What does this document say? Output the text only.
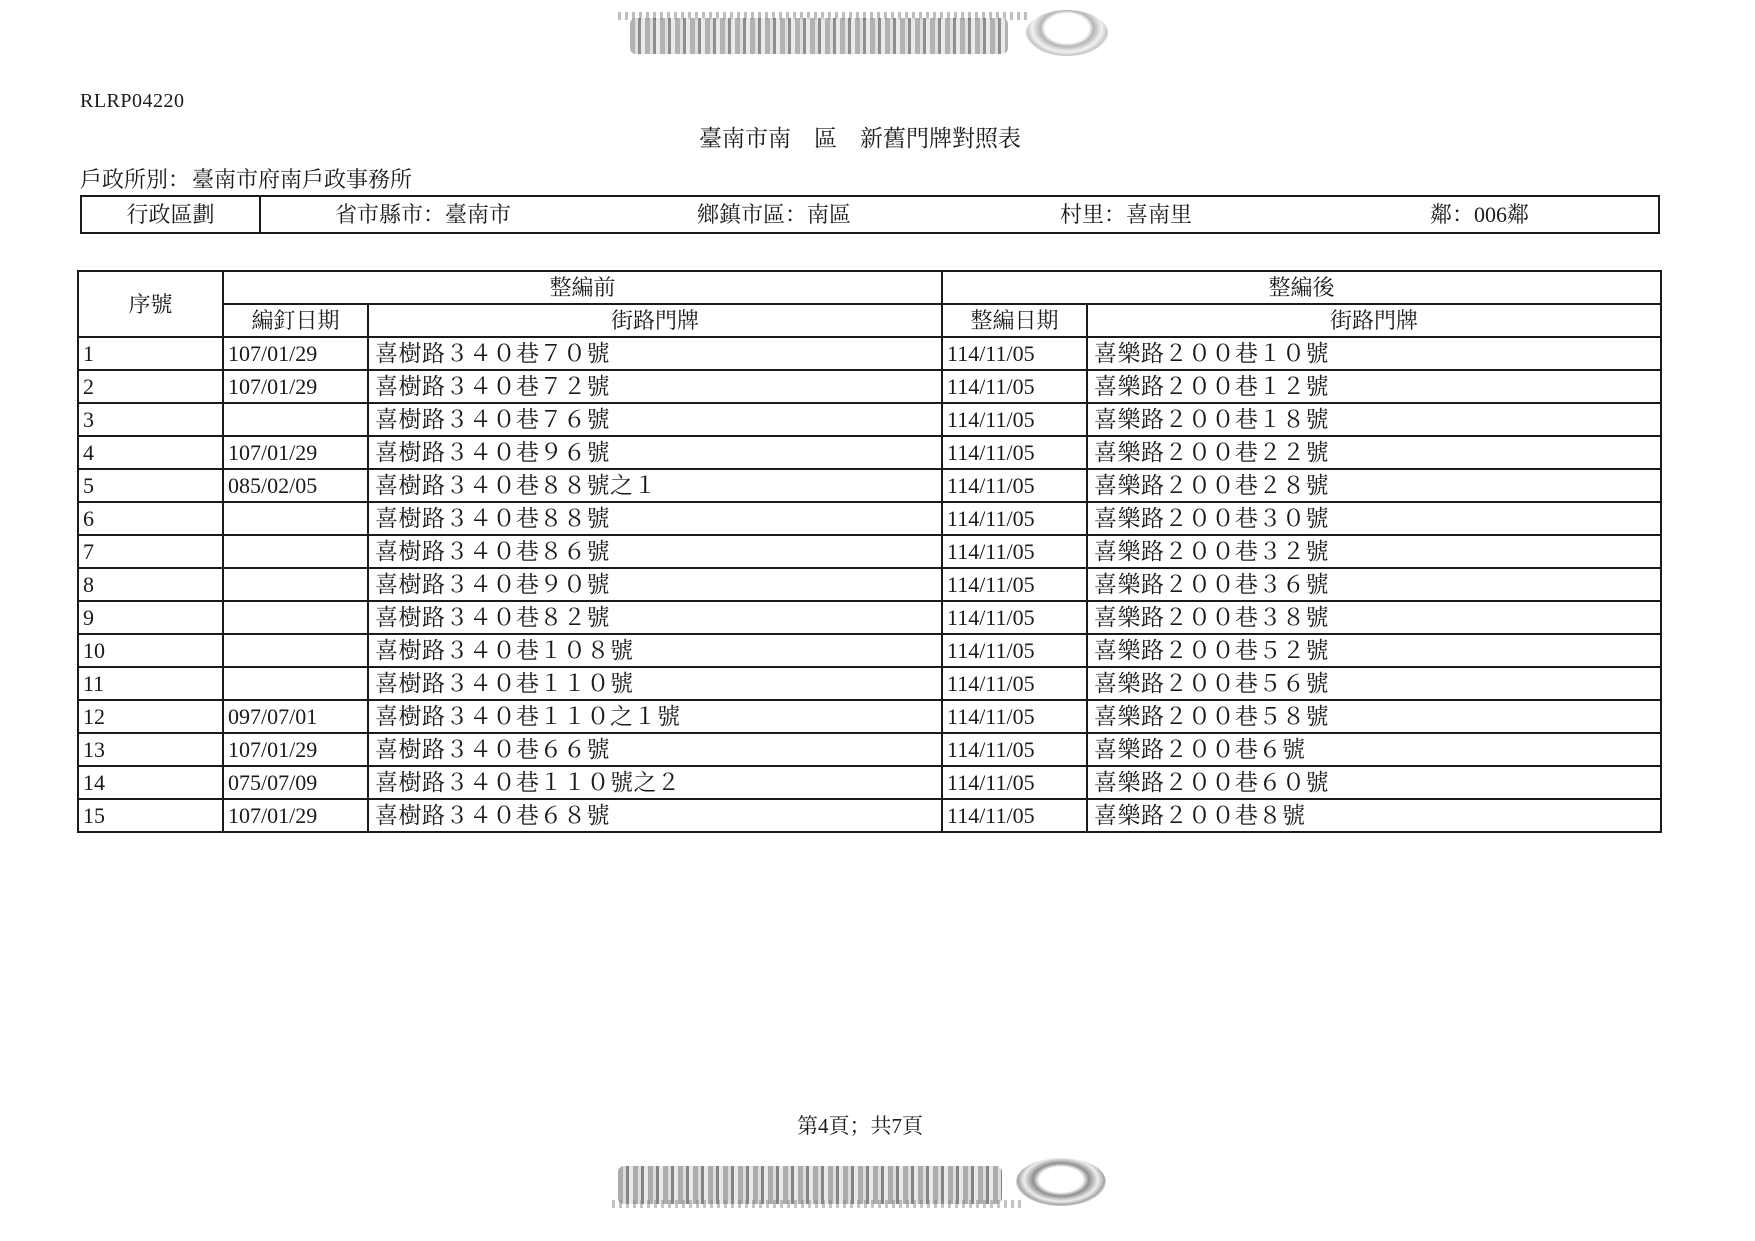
RLRP04220
臺南市南　區　新舊門牌對照表
戶政所別：臺南市府南戶政事務所
行政區劃	省市縣市：臺南市	鄉鎮市區：南區	村里：喜南里	鄰：006鄰
序號	整編前		整編後	
	編釘日期	街路門牌	整編日期	街路門牌
1	107/01/29	喜樹路３４０巷７０號	114/11/05	喜樂路２００巷１０號
2	107/01/29	喜樹路３４０巷７２號	114/11/05	喜樂路２００巷１２號
3		喜樹路３４０巷７６號	114/11/05	喜樂路２００巷１８號
4	107/01/29	喜樹路３４０巷９６號	114/11/05	喜樂路２００巷２２號
5	085/02/05	喜樹路３４０巷８８號之１	114/11/05	喜樂路２００巷２８號
6		喜樹路３４０巷８８號	114/11/05	喜樂路２００巷３０號
7		喜樹路３４０巷８６號	114/11/05	喜樂路２００巷３２號
8		喜樹路３４０巷９０號	114/11/05	喜樂路２００巷３６號
9		喜樹路３４０巷８２號	114/11/05	喜樂路２００巷３８號
10		喜樹路３４０巷１０８號	114/11/05	喜樂路２００巷５２號
11		喜樹路３４０巷１１０號	114/11/05	喜樂路２００巷５６號
12	097/07/01	喜樹路３４０巷１１０之１號	114/11/05	喜樂路２００巷５８號
13	107/01/29	喜樹路３４０巷６６號	114/11/05	喜樂路２００巷６號
14	075/07/09	喜樹路３４０巷１１０號之２	114/11/05	喜樂路２００巷６０號
15	107/01/29	喜樹路３４０巷６８號	114/11/05	喜樂路２００巷８號
第4頁；共7頁
